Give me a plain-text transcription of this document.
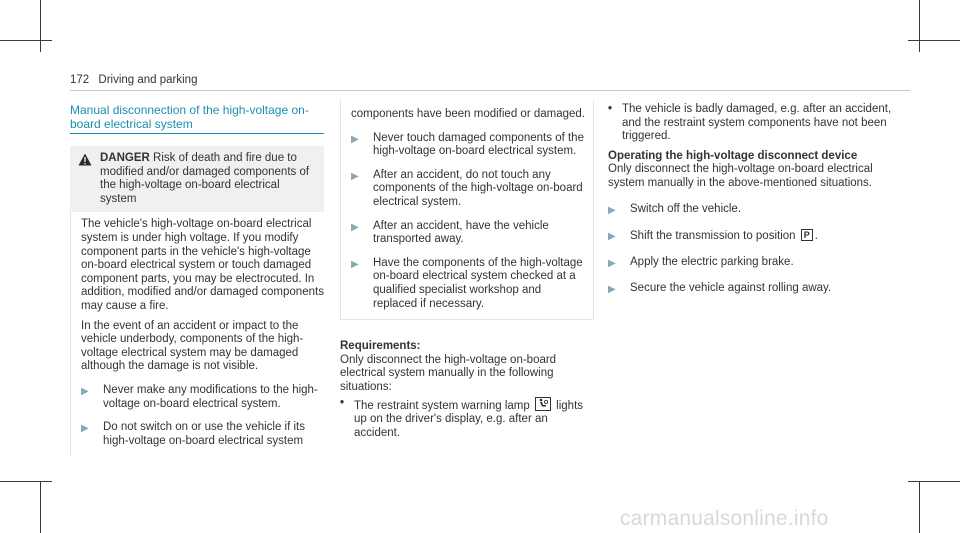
172 Driving and parking
Manual disconnection of the high-voltage on-
board electrical system
DANGER Risk of death and fire due to modified and/or damaged components of the high-voltage on-board electrical system

The vehicle's high-voltage on-board electrical system is under high voltage. If you modify component parts in the vehicle's high-voltage on-board electrical system or touch damaged component parts, you may be electrocuted. In addition, modified and/or damaged components may cause a fire.

In the event of an accident or impact to the vehicle underbody, components of the high-voltage electrical system may be damaged although the damage is not visible.

▶	Never make any modifications to the high-voltage on-board electrical system.
▶	Do not switch on or use the vehicle if its high-voltage on-board electrical system

components have been modified or damaged.

▶	Never touch damaged components of the high-voltage on-board electrical system.
▶	After an accident, do not touch any components of the high-voltage on-board electrical system.
▶	After an accident, have the vehicle transported away.
▶	Have the components of the high-voltage on-board electrical system checked at a qualified specialist workshop and replaced if necessary.
Requirements:

Only disconnect the high-voltage on-board electrical system manually in the following situations:

• The restraint system warning lamp lights up on the driver's display, e.g. after an accident.
• The vehicle is badly damaged, e.g. after an accident, and the restraint system components have not been triggered.
Operating the high-voltage disconnect device

Only disconnect the high-voltage on-board electrical system manually in the above-mentioned situations.

▶	Switch off the vehicle.
▶	Shift the transmission to position P .
▶	Apply the electric parking brake.
▶	Secure the vehicle against rolling away.
carmanualsonline.info
